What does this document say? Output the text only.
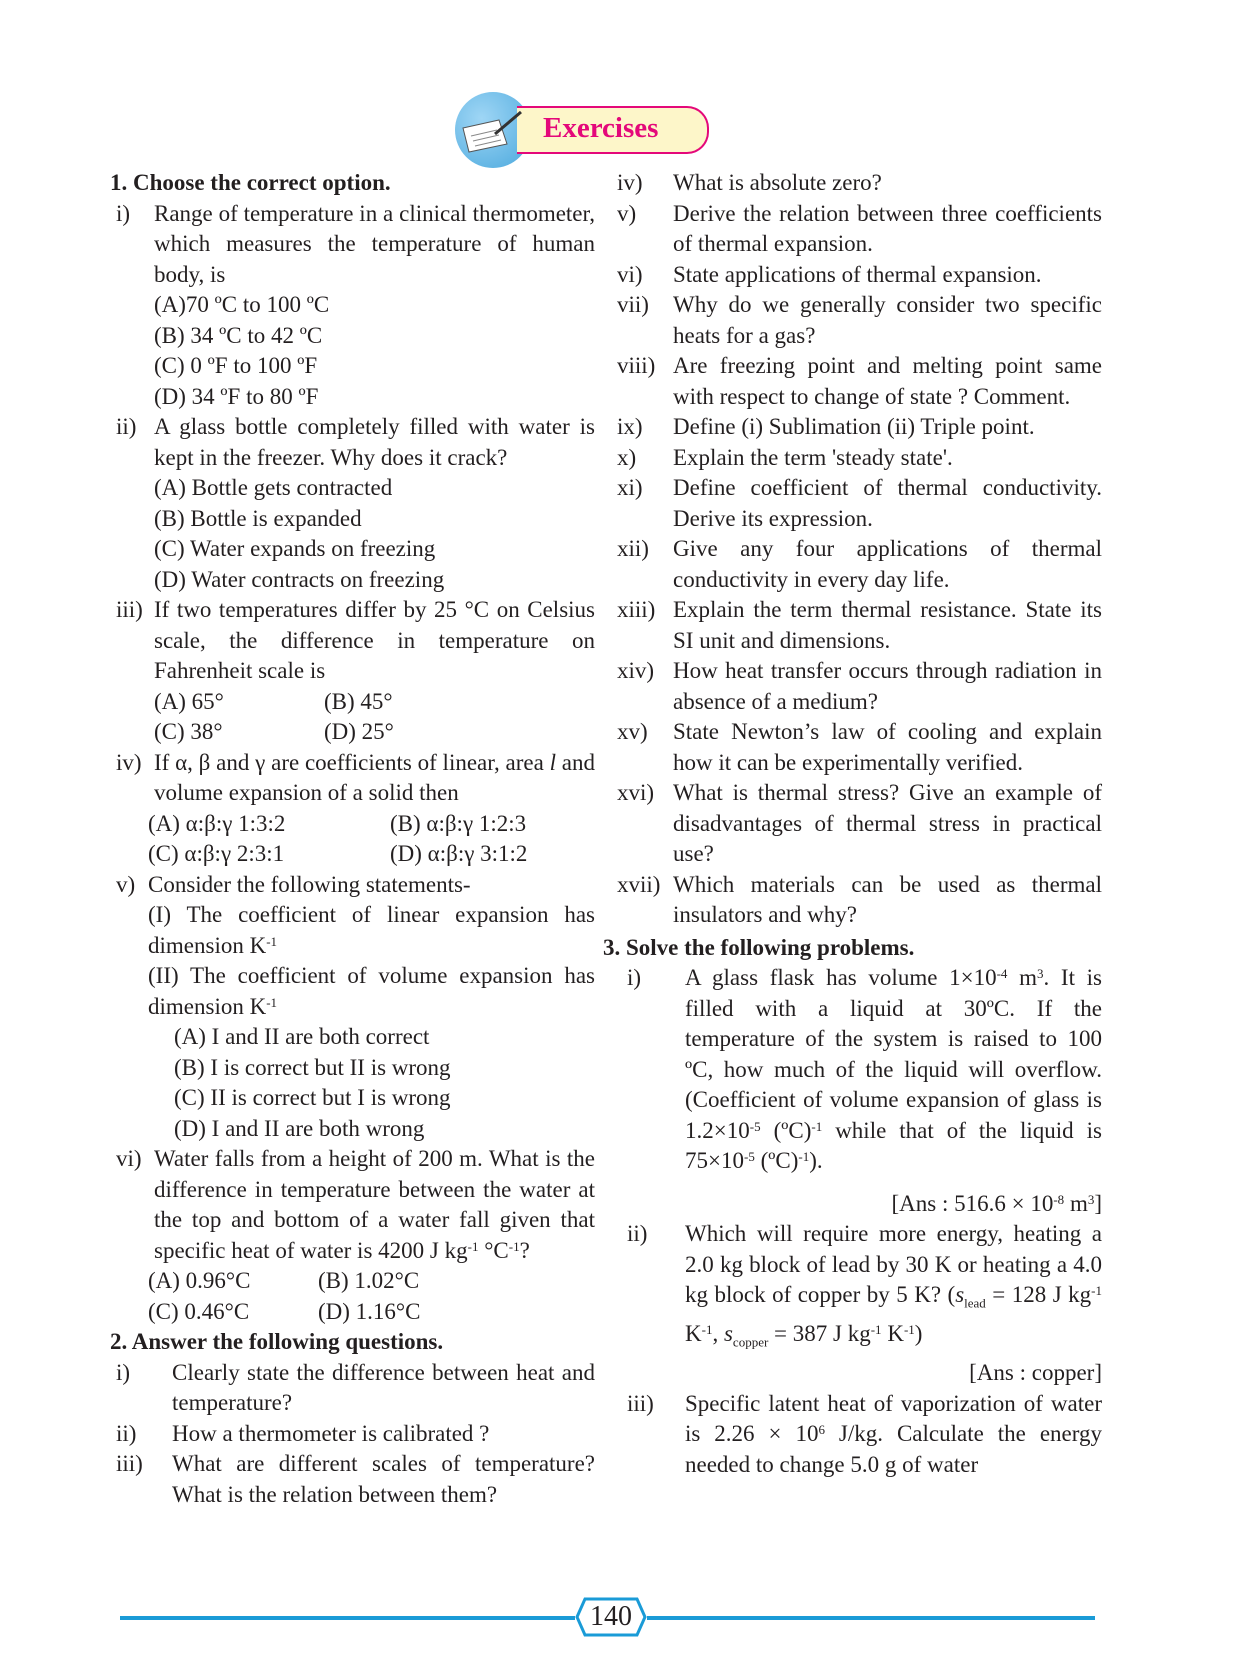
Exercises

1. Choose the correct option.

i)	Range of temperature in a clinical thermometer, which measures the temperature of human body, is
(A)70 ºC to 100 ºC
(B) 34 ºC to 42 ºC
(C) 0 ºF to 100 ºF
(D) 34 ºF to 80 ºF
ii) A glass bottle completely filled with water is kept in the freezer. Why does it crack?
(A) Bottle gets contracted
(B) Bottle is expanded
(C) Water expands on freezing
(D) Water contracts on freezing
iii) If two temperatures differ by 25 °C on Celsius scale, the difference in temperature on Fahrenheit scale is
(A) 65°	(B) 45°
(C) 38°	(D) 25°
iv) If α, β and γ are coefficients of linear, area l and volume expansion of a solid then
(A) α:β:γ 1:3:2	(B) α:β:γ 1:2:3
(C) α:β:γ 2:3:1	(D) α:β:γ 3:1:2
v) Consider the following statements-
(I) The coefficient of linear expansion has dimension $K^{-1}$
(II) The coefficient of volume expansion has dimension $K^{-1}$
(A) I and II are both correct
(B) I is correct but II is wrong
(C) II is correct but I is wrong
(D) I and II are both wrong
vi) Water falls from a height of 200 m. What is the difference in temperature between the water at the top and bottom of a water fall given that specific heat of water is 4200 J $kg^{-1}$ $^\circ C^{-1}$?
(A) 0.96°C	(B) 1.02°C
(C) 0.46°C	(D) 1.16°C

2. Answer the following questions.

i)	Clearly state the difference between heat and temperature?
ii)	How a thermometer is calibrated ?
iii)	What are different scales of temperature? What is the relation between them?
iv)	What is absolute zero?
v)	Derive the relation between three coefficients of thermal expansion.
vi)	State applications of thermal expansion.
vii)	Why do we generally consider two specific heats for a gas?
viii) Are freezing point and melting point same with respect to change of state ? Comment.
ix)	Define (i) Sublimation (ii) Triple point.
x)	Explain the term 'steady state'.
xi)	Define coefficient of thermal conductivity. Derive its expression.
xii)	Give any four applications of thermal conductivity in every day life.
xiii) Explain the term thermal resistance. State its SI unit and dimensions.
xiv) How heat transfer occurs through radiation in absence of a medium?
xv)	State Newton’s law of cooling and explain how it can be experimentally verified.
xvi) What is thermal stress? Give an example of disadvantages of thermal stress in practical use?
xvii) Which materials can be used as thermal insulators and why?

3. Solve the following problems.

i)	A glass flask has volume $1\times 10^{-4}$ $m^3$. It is filled with a liquid at 30ºC. If the temperature of the system is raised to 100 ºC, how much of the liquid will overflow. (Coefficient of volume expansion of glass is $1.2\times 10^{-5}$ (ºC)$^{-1}$ while that of the liquid is $75\times 10^{-5}$ (ºC)$^{-1}$).
[Ans : $516.6 \times 10^{-8}$ $m^3$]
ii)	Which will require more energy, heating a 2.0 kg block of lead by 30 K or heating a 4.0 kg block of copper by 5 K? ($s_{lead} = 128$ J $kg^{-1}$ $K^{-1}$, $s_{copper} = 387$ J $kg^{-1}$ $K^{-1}$)
[Ans : copper]
iii)	Specific latent heat of vaporization of water is $2.26 \times 10^6$ J/kg. Calculate the energy needed to change 5.0 g of water
140
